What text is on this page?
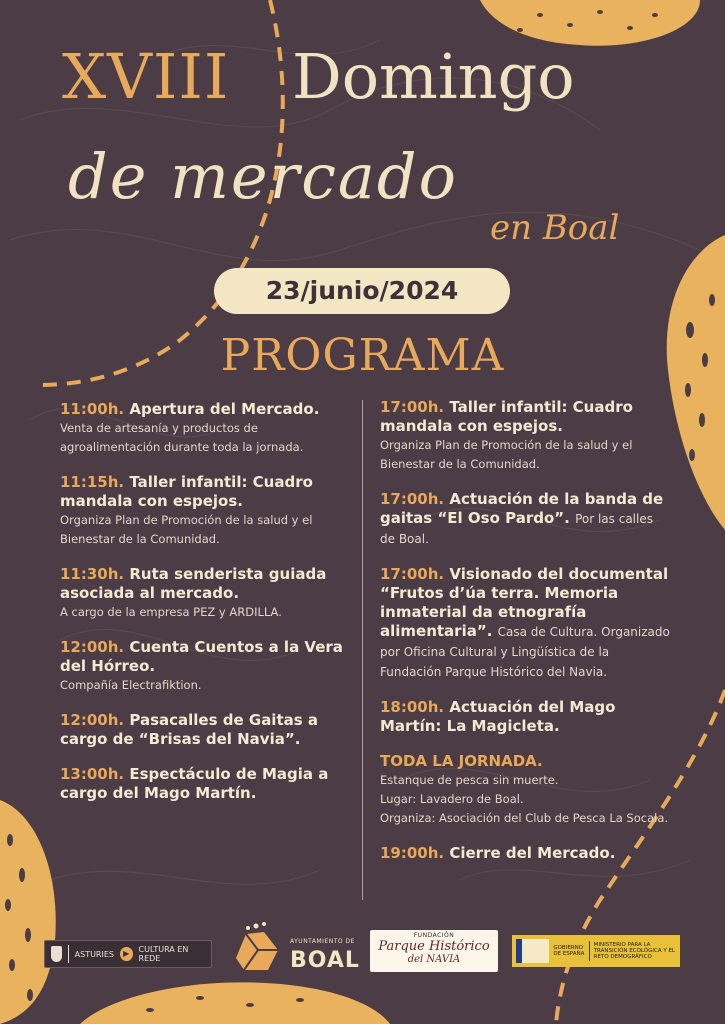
XVIII Domingo
de mercado
en Boal
23/junio/2024
PROGRAMA
11:00h. Apertura del Mercado.
Venta de artesanía y productos de agroalimentación durante toda la jornada.
11:15h. Taller infantil: Cuadro mandala con espejos.
Organiza Plan de Promoción de la salud y el Bienestar de la Comunidad.
11:30h. Ruta senderista guiada asociada al mercado.
A cargo de la empresa PEZ y ARDILLA.
12:00h. Cuenta Cuentos a la Vera del Hórreo.
Compañía Electrafiktion.
12:00h. Pasacalles de Gaitas a cargo de “Brisas del Navia”.
13:00h. Espectáculo de Magia a cargo del Mago Martín.
17:00h. Taller infantil: Cuadro mandala con espejos.
Organiza Plan de Promoción de la salud y el Bienestar de la Comunidad.
17:00h. Actuación de la banda de gaitas “El Oso Pardo”. Por las calles de Boal.
17:00h. Visionado del documental “Frutos d’úa terra. Memoria inmaterial da etnografía alimentaria”. Casa de Cultura. Organizado por Oficina Cultural y Lingüística de la Fundación Parque Histórico del Navia.
18:00h. Actuación del Mago Martín: La Magicleta.
TODA LA JORNADA.
Estanque de pesca sin muerte.
Lugar: Lavadero de Boal.
Organiza: Asociación del Club de Pesca La Socala.
19:00h. Cierre del Mercado.
ASTURIES	▶	CULTURA EN REDE
AYUNTAMIENTO DE
BOAL
FUNDACIÓN
Parque Histórico
del NAVIA
GOBIERNO DE ESPAÑA
MINISTERIO PARA LA TRANSICIÓN ECOLÓGICA Y EL RETO DEMOGRÁFICO
